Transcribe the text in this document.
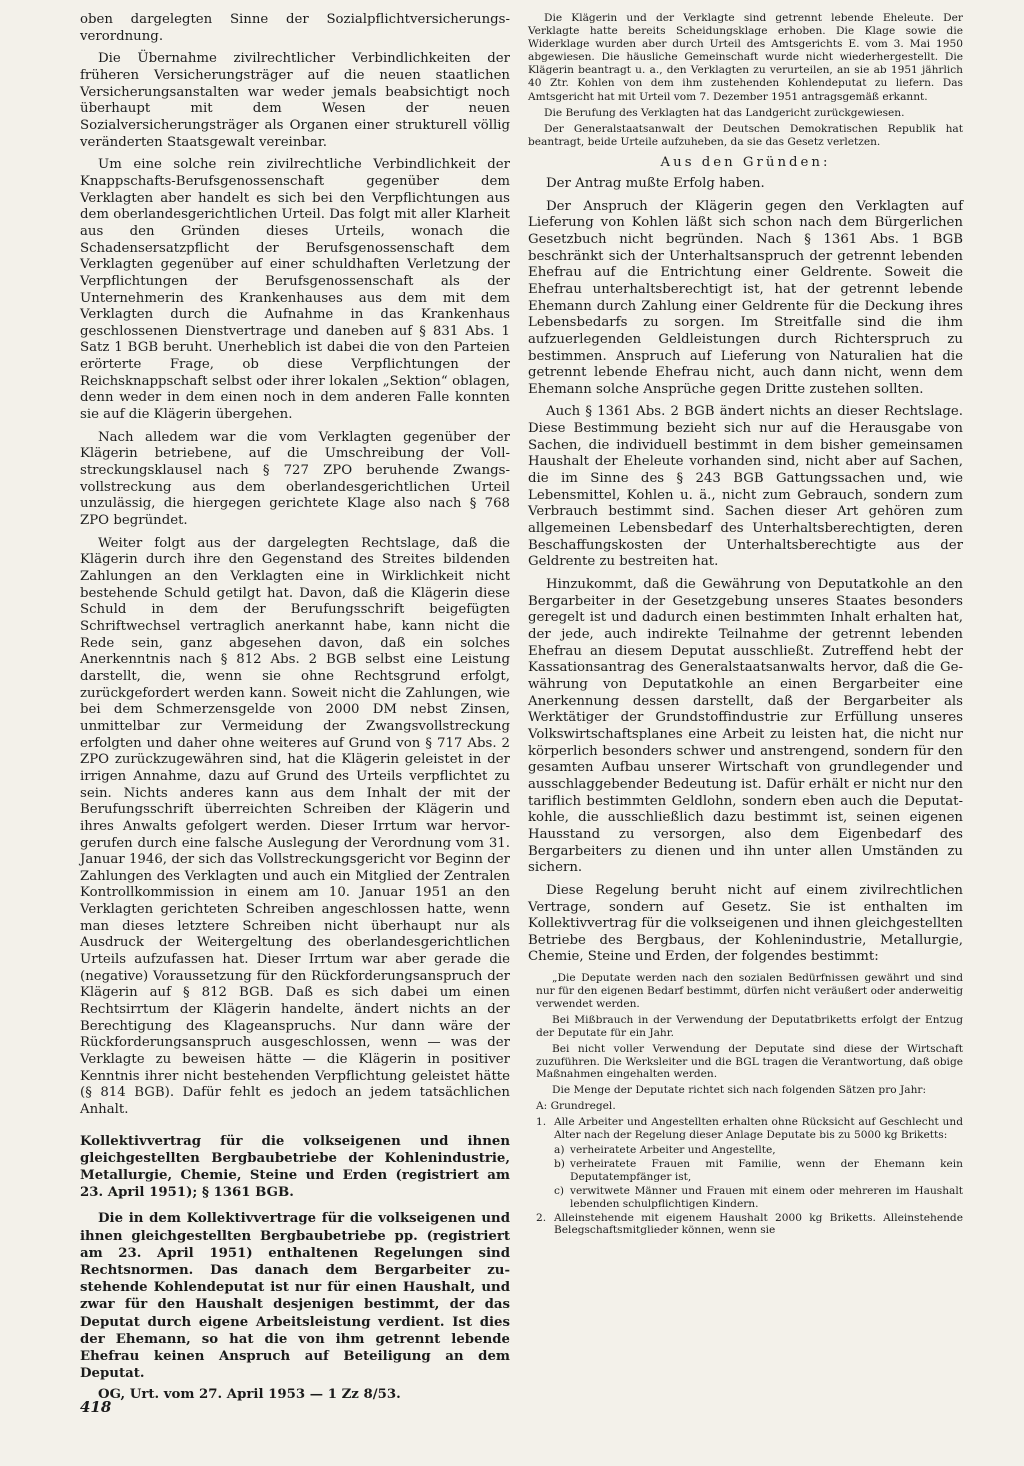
oben dargelegten Sinne der Sozialpflichtversicherungsverordnung.

Die Übernahme zivilrechtlicher Verbindlichkeiten der früheren Versicherungsträger auf die neuen staatlichen Versicherungsanstalten war weder jemals beabsichtigt noch überhaupt mit dem Wesen der neuen Sozialversicherungsträger als Organen einer strukturell völlig veränderten Staatsgewalt vereinbar.

Um eine solche rein zivilrechtliche Verbindlichkeit der Knappschafts-Berufsgenossenschaft gegenüber dem Verklagten aber handelt es sich bei den Verpflichtungen aus dem oberlandesgerichtlichen Urteil. Das folgt mit aller Klarheit aus den Gründen dieses Urteils, wonach die Schadensersatzpflicht der Berufsgenossenschaft dem Verklagten gegenüber auf einer schuldhaften Verletzung der Verpflichtungen der Berufsgenossenschaft als der Unternehmerin des Krankenhauses aus dem mit dem Verklagten durch die Aufnahme in das Krankenhaus geschlossenen Dienstvertrage und daneben auf § 831 Abs. 1 Satz 1 BGB beruht. Unerheblich ist dabei die von den Parteien erörterte Frage, ob diese Verpflichtungen der Reichsknappschaft selbst oder ihrer lokalen „Sektion“ oblagen, denn weder in dem einen noch in dem anderen Falle konnten sie auf die Klägerin übergehen.

Nach alledem war die vom Verklagten gegenüber der Klägerin betriebene, auf die Umschreibung der Vollstreckungsklausel nach § 727 ZPO beruhende Zwangsvollstreckung aus dem oberlandesgerichtlichen Urteil unzulässig, die hiergegen gerichtete Klage also nach § 768 ZPO begründet.

Weiter folgt aus der dargelegten Rechtslage, daß die Klägerin durch ihre den Gegenstand des Streites bildenden Zahlungen an den Verklagten eine in Wirklichkeit nicht bestehende Schuld getilgt hat. Davon, daß die Klägerin diese Schuld in dem der Berufungsschrift beigefügten Schriftwechsel vertraglich anerkannt habe, kann nicht die Rede sein, ganz abgesehen davon, daß ein solches Anerkenntnis nach § 812 Abs. 2 BGB selbst eine Leistung darstellt, die, wenn sie ohne Rechtsgrund erfolgt, zurückgefordert werden kann. Soweit nicht die Zahlungen, wie bei dem Schmerzensgelde von 2000 DM nebst Zinsen, unmittelbar zur Vermeidung der Zwangsvollstreckung erfolgten und daher ohne weiteres auf Grund von § 717 Abs. 2 ZPO zurückzugewähren sind, hat die Klägerin geleistet in der irrigen Annahme, dazu auf Grund des Urteils verpflichtet zu sein. Nichts anderes kann aus dem Inhalt der mit der Berufungsschrift überreichten Schreiben der Klägerin und ihres Anwalts gefolgert werden. Dieser Irrtum war hervorgerufen durch eine falsche Auslegung der Verordnung vom 31. Januar 1946, der sich das Vollstreckungsgericht vor Beginn der Zahlungen des Verklagten und auch ein Mitglied der Zentralen Kontrollkommission in einem am 10. Januar 1951 an den Verklagten gerichteten Schreiben angeschlossen hatte, wenn man dieses letztere Schreiben nicht überhaupt nur als Ausdruck der Weitergeltung des oberlandesgerichtlichen Urteils aufzufassen hat. Dieser Irrtum war aber gerade die (negative) Voraussetzung für den Rückforderungsanspruch der Klägerin auf § 812 BGB. Daß es sich dabei um einen Rechtsirrtum der Klägerin handelte, ändert nichts an der Berechtigung des Klageanspruchs. Nur dann wäre der Rückforderungsanspruch ausgeschlossen, wenn — was der Verklagte zu beweisen hätte — die Klägerin in positiver Kenntnis ihrer nicht bestehenden Verpflichtung geleistet hätte (§ 814 BGB). Dafür fehlt es jedoch an jedem tatsächlichen Anhalt.

Kollektivvertrag für die volkseigenen und ihnen gleichgestellten Bergbaubetriebe der Kohlenindustrie, Metallurgie, Chemie, Steine und Erden (registriert am 23. April 1951); § 1361 BGB.

Die in dem Kollektivvertrage für die volkseigenen und ihnen gleichgestellten Bergbaubetriebe pp. (registriert am 23. April 1951) enthaltenen Regelungen sind Rechtsnormen. Das danach dem Bergarbeiter zustehende Kohlendeputat ist nur für einen Haushalt, und zwar für den Haushalt desjenigen bestimmt, der das Deputat durch eigene Arbeitsleistung verdient. Ist dies der Ehemann, so hat die von ihm getrennt lebende Ehefrau keinen Anspruch auf Beteiligung an dem Deputat.

OG, Urt. vom 27. April 1953 — 1 Zz 8/53.

Die Klägerin und der Verklagte sind getrennt lebende Eheleute. Der Verklagte hatte bereits Scheidungsklage erhoben. Die Klage sowie die Widerklage wurden aber durch Urteil des Amtsgerichts E. vom 3. Mai 1950 abgewiesen. Die häusliche Gemeinschaft wurde nicht wiederhergestellt. Die Klägerin beantragt u. a., den Verklagten zu verurteilen, an sie ab 1951 jährlich 40 Ztr. Kohlen von dem ihm zustehenden Kohlendeputat zu liefern. Das Amtsgericht hat mit Urteil vom 7. Dezember 1951 antragsgemäß erkannt.

Die Berufung des Verklagten hat das Landgericht zurückgewiesen.

Der Generalstaatsanwalt der Deutschen Demokratischen Republik hat beantragt, beide Urteile aufzuheben, da sie das Gesetz verletzen.

Aus den Gründen:

Der Antrag mußte Erfolg haben.

Der Anspruch der Klägerin gegen den Verklagten auf Lieferung von Kohlen läßt sich schon nach dem Bürgerlichen Gesetzbuch nicht begründen. Nach § 1361 Abs. 1 BGB beschränkt sich der Unterhaltsanspruch der getrennt lebenden Ehefrau auf die Entrichtung einer Geldrente. Soweit die Ehefrau unterhaltsberechtigt ist, hat der getrennt lebende Ehemann durch Zahlung einer Geldrente für die Deckung ihres Lebensbedarfs zu sorgen. Im Streitfalle sind die ihm aufzuerlegenden Geldleistungen durch Richterspruch zu bestimmen. Anspruch auf Lieferung von Naturalien hat die getrennt lebende Ehefrau nicht, auch dann nicht, wenn dem Ehemann solche Ansprüche gegen Dritte zustehen sollten.

Auch § 1361 Abs. 2 BGB ändert nichts an dieser Rechtslage. Diese Bestimmung bezieht sich nur auf die Herausgabe von Sachen, die individuell bestimmt in dem bisher gemeinsamen Haushalt der Eheleute vorhanden sind, nicht aber auf Sachen, die im Sinne des § 243 BGB Gattungssachen und, wie Lebensmittel, Kohlen u. ä., nicht zum Gebrauch, sondern zum Verbrauch bestimmt sind. Sachen dieser Art gehören zum allgemeinen Lebensbedarf des Unterhaltsberechtigten, deren Beschaffungskosten der Unterhaltsberechtigte aus der Geldrente zu bestreiten hat.

Hinzukommt, daß die Gewährung von Deputatkohle an den Bergarbeiter in der Gesetzgebung unseres Staates besonders geregelt ist und dadurch einen bestimmten Inhalt erhalten hat, der jede, auch indirekte Teilnahme der getrennt lebenden Ehefrau an diesem Deputat ausschließt. Zutreffend hebt der Kassationsantrag des Generalstaatsanwalts hervor, daß die Gewährung von Deputatkohle an einen Bergarbeiter eine Anerkennung dessen darstellt, daß der Bergarbeiter als Werktätiger der Grundstoffindustrie zur Erfüllung unseres Volkswirtschaftsplanes eine Arbeit zu leisten hat, die nicht nur körperlich besonders schwer und anstrengend, sondern für den gesamten Aufbau unserer Wirtschaft von grundlegender und ausschlaggebender Bedeutung ist. Dafür erhält er nicht nur den tariflich bestimmten Geldlohn, sondern eben auch die Deputatkohle, die ausschließlich dazu bestimmt ist, seinen eigenen Hausstand zu versorgen, also dem Eigenbedarf des Bergarbeiters zu dienen und ihn unter allen Umständen zu sichern.

Diese Regelung beruht nicht auf einem zivilrechtlichen Vertrage, sondern auf Gesetz. Sie ist enthalten im Kollektivvertrag für die volkseigenen und ihnen gleichgestellten Betriebe des Bergbaus, der Kohlenindustrie, Metallurgie, Chemie, Steine und Erden, der folgendes bestimmt:

„Die Deputate werden nach den sozialen Bedürfnissen gewährt und sind nur für den eigenen Bedarf bestimmt, dürfen nicht veräußert oder anderweitig verwendet werden.

Bei Mißbrauch in der Verwendung der Deputatbriketts erfolgt der Entzug der Deputate für ein Jahr.

Bei nicht voller Verwendung der Deputate sind diese der Wirtschaft zuzuführen. Die Werksleiter und die BGL tragen die Verantwortung, daß obige Maßnahmen eingehalten werden.

Die Menge der Deputate richtet sich nach folgenden Sätzen pro Jahr:

A: Grundregel.

1. Alle Arbeiter und Angestellten erhalten ohne Rücksicht auf Geschlecht und Alter nach der Regelung dieser Anlage Deputate bis zu 5000 kg Briketts:
a) verheiratete Arbeiter und Angestellte,
b) verheiratete Frauen mit Familie, wenn der Ehemann kein Deputatempfänger ist,
c) verwitwete Männer und Frauen mit einem oder mehreren im Haushalt lebenden schulpflichtigen Kindern.
2. Alleinstehende mit eigenem Haushalt 2000 kg Briketts. Alleinstehende Belegschaftsmitglieder können, wenn sie
418
